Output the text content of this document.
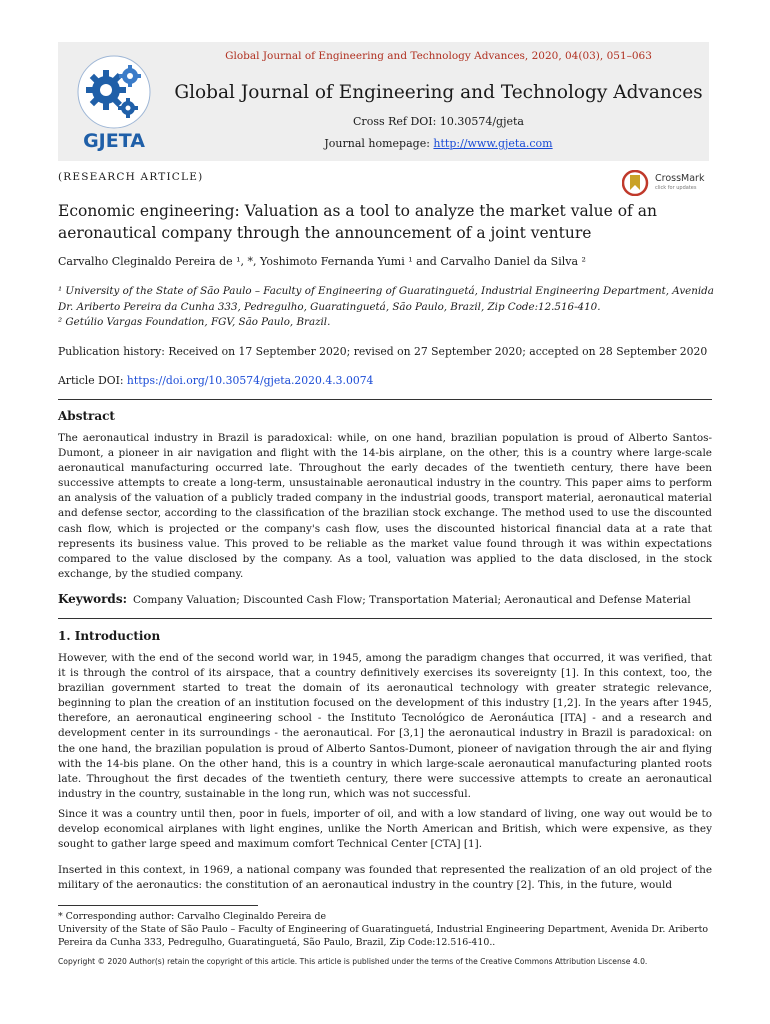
GJETA
Global Journal of Engineering and Technology Advances, 2020, 04(03), 051–063
Global Journal of Engineering and Technology Advances
Cross Ref DOI: 10.30574/gjeta
Journal homepage: http://www.gjeta.com
(RESEARCH ARTICLE)	CrossMark
click for updates
Economic engineering: Valuation as a tool to analyze the market value of an aeronautical company through the announcement of a joint venture
Carvalho Cleginaldo Pereira de ¹, *, Yoshimoto Fernanda Yumi ¹ and Carvalho Daniel da Silva ²
¹ University of the State of São Paulo – Faculty of Engineering of Guaratinguetá, Industrial Engineering Department, Avenida Dr. Ariberto Pereira da Cunha 333, Pedregulho, Guaratinguetá, São Paulo, Brazil, Zip Code:12.516-410.
² Getúlio Vargas Foundation, FGV, São Paulo, Brazil.
Publication history: Received on 17 September 2020; revised on 27 September 2020; accepted on 28 September 2020
Article DOI: https://doi.org/10.30574/gjeta.2020.4.3.0074
Abstract
The aeronautical industry in Brazil is paradoxical: while, on one hand, brazilian population is proud of Alberto Santos-Dumont, a pioneer in air navigation and flight with the 14-bis airplane, on the other, this is a country where large-scale aeronautical manufacturing occurred late. Throughout the early decades of the twentieth century, there have been successive attempts to create a long-term, unsustainable aeronautical industry in the country. This paper aims to perform an analysis of the valuation of a publicly traded company in the industrial goods, transport material, aeronautical material and defense sector, according to the classification of the brazilian stock exchange. The method used to use the discounted cash flow, which is projected or the company's cash flow, uses the discounted historical financial data at a rate that represents its business value. This proved to be reliable as the market value found through it was within expectations compared to the value disclosed by the company. As a tool, valuation was applied to the data disclosed, in the stock exchange, by the studied company.
Keywords: Company Valuation; Discounted Cash Flow; Transportation Material; Aeronautical and Defense Material
1. Introduction
However, with the end of the second world war, in 1945, among the paradigm changes that occurred, it was verified, that it is through the control of its airspace, that a country definitively exercises its sovereignty [1]. In this context, too, the brazilian government started to treat the domain of its aeronautical technology with greater strategic relevance, beginning to plan the creation of an institution focused on the development of this industry [1,2]. In the years after 1945, therefore, an aeronautical engineering school - the Instituto Tecnológico de Aeronáutica [ITA] - and a research and development center in its surroundings - the aeronautical. For [3,1] the aeronautical industry in Brazil is paradoxical: on the one hand, the brazilian population is proud of Alberto Santos-Dumont, pioneer of navigation through the air and flying with the 14-bis plane. On the other hand, this is a country in which large-scale aeronautical manufacturing planted roots late. Throughout the first decades of the twentieth century, there were successive attempts to create an aeronautical industry in the country, sustainable in the long run, which was not successful.
Since it was a country until then, poor in fuels, importer of oil, and with a low standard of living, one way out would be to develop economical airplanes with light engines, unlike the North American and British, which were expensive, as they sought to gather large speed and maximum comfort Technical Center [CTA] [1].
Inserted in this context, in 1969, a national company was founded that represented the realization of an old project of the military of the aeronautics: the constitution of an aeronautical industry in the country [2]. This, in the future, would
* Corresponding author: Carvalho Cleginaldo Pereira de
University of the State of São Paulo – Faculty of Engineering of Guaratinguetá, Industrial Engineering Department, Avenida Dr. Ariberto Pereira da Cunha 333, Pedregulho, Guaratinguetá, São Paulo, Brazil, Zip Code:12.516-410..
Copyright © 2020 Author(s) retain the copyright of this article. This article is published under the terms of the Creative Commons Attribution Liscense 4.0.
